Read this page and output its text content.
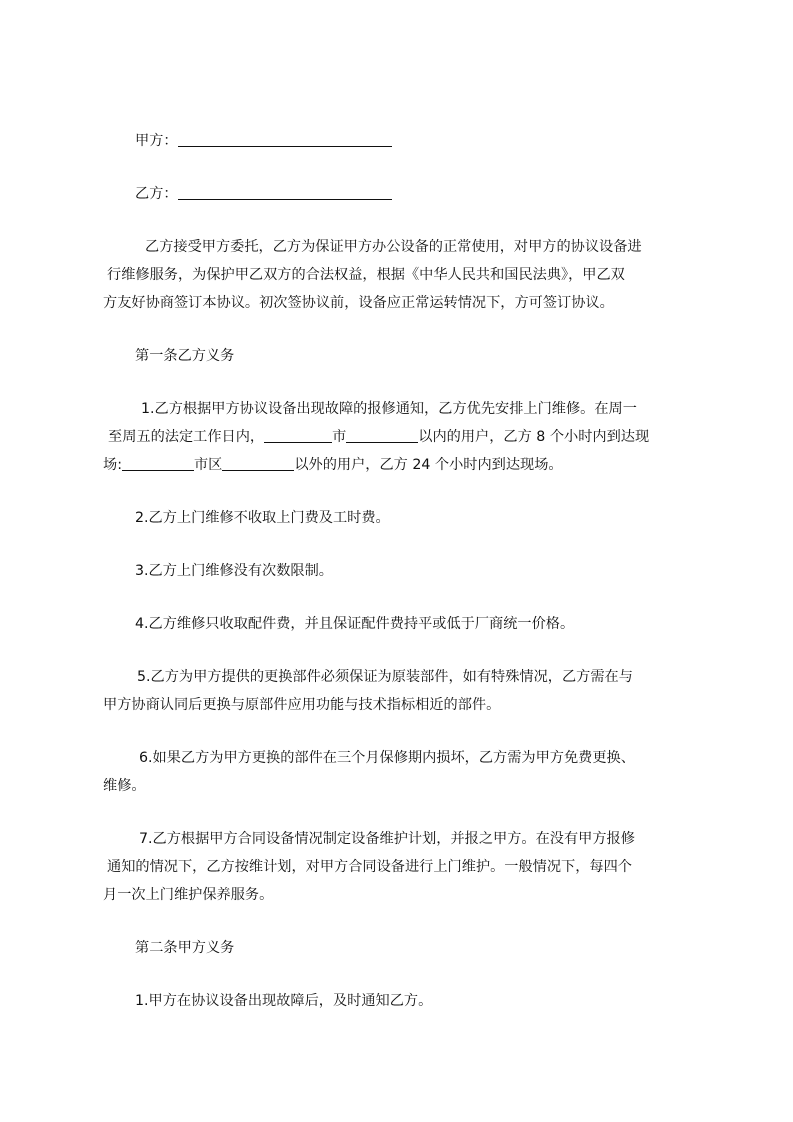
甲方：
乙方：
乙方接受甲方委托，乙方为保证甲方办公设备的正常使用，对甲方的协议设备进
行维修服务，为保护甲乙双方的合法权益，根据《中华人民共和国民法典》，甲乙双
方友好协商签订本协议。初次签协议前，设备应正常运转情况下，方可签订协议。
第一条乙方义务
1.乙方根据甲方协议设备出现故障的报修通知，乙方优先安排上门维修。在周一
至周五的法定工作日内，	市	以内的用户，乙方 8 个小时内到达现
场:	市区	以外的用户，乙方 24 个小时内到达现场。
2.乙方上门维修不收取上门费及工时费。
3.乙方上门维修没有次数限制。
4.乙方维修只收取配件费，并且保证配件费持平或低于厂商统一价格。
5.乙方为甲方提供的更换部件必须保证为原装部件，如有特殊情况，乙方需在与
甲方协商认同后更换与原部件应用功能与技术指标相近的部件。
6.如果乙方为甲方更换的部件在三个月保修期内损坏，乙方需为甲方免费更换、
维修。
7.乙方根据甲方合同设备情况制定设备维护计划，并报之甲方。在没有甲方报修
通知的情况下，乙方按维计划，对甲方合同设备进行上门维护。一般情况下，每四个
月一次上门维护保养服务。
第二条甲方义务
1.甲方在协议设备出现故障后，及时通知乙方。
